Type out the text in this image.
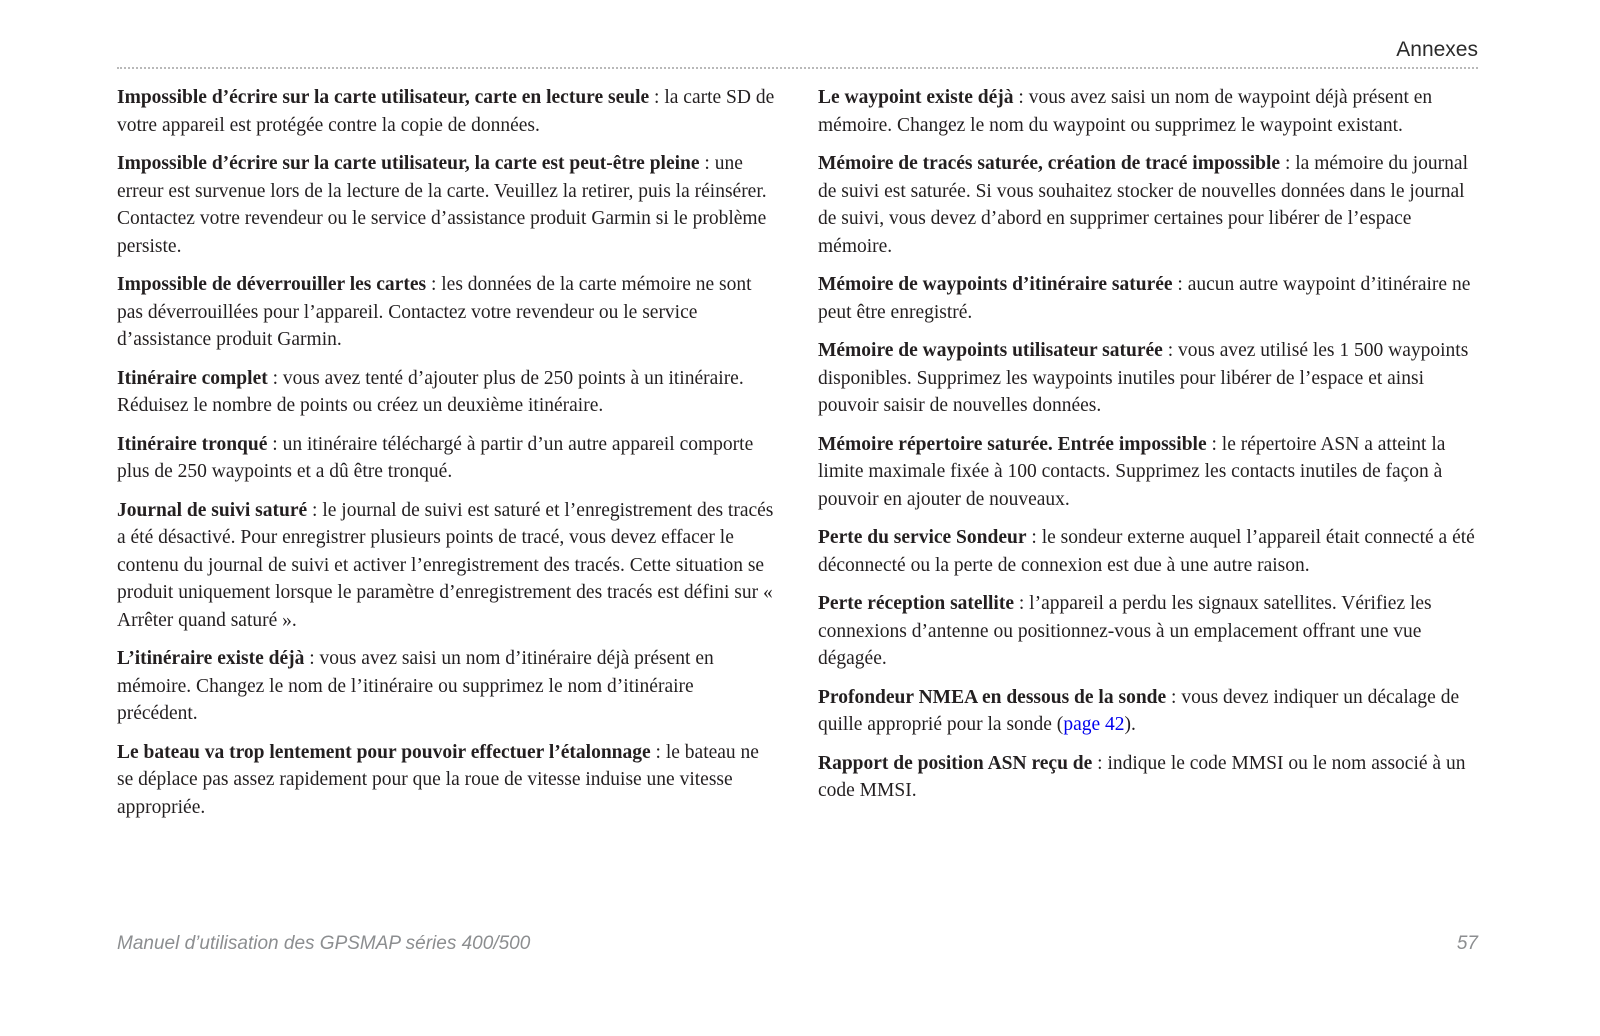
Annexes

Impossible d’écrire sur la carte utilisateur, carte en lecture seule : la carte SD de votre appareil est protégée contre la copie de données.

Impossible d’écrire sur la carte utilisateur, la carte est peut-être pleine : une erreur est survenue lors de la lecture de la carte. Veuillez la retirer, puis la réinsérer. Contactez votre revendeur ou le service d’assistance produit Garmin si le problème persiste.

Impossible de déverrouiller les cartes : les données de la carte mémoire ne sont pas déverrouillées pour l’appareil. Contactez votre revendeur ou le service d’assistance produit Garmin.

Itinéraire complet : vous avez tenté d’ajouter plus de 250 points à un itinéraire. Réduisez le nombre de points ou créez un deuxième itinéraire.

Itinéraire tronqué : un itinéraire téléchargé à partir d’un autre appareil comporte plus de 250 waypoints et a dû être tronqué.

Journal de suivi saturé : le journal de suivi est saturé et l’enregistrement des tracés a été désactivé. Pour enregistrer plusieurs points de tracé, vous devez effacer le contenu du journal de suivi et activer l’enregistrement des tracés. Cette situation se produit uniquement lorsque le paramètre d’enregistrement des tracés est défini sur « Arrêter quand saturé ».

L’itinéraire existe déjà : vous avez saisi un nom d’itinéraire déjà présent en mémoire. Changez le nom de l’itinéraire ou supprimez le nom d’itinéraire précédent.

Le bateau va trop lentement pour pouvoir effectuer l’étalonnage : le bateau ne se déplace pas assez rapidement pour que la roue de vitesse induise une vitesse appropriée.

Le waypoint existe déjà : vous avez saisi un nom de waypoint déjà présent en mémoire. Changez le nom du waypoint ou supprimez le waypoint existant.

Mémoire de tracés saturée, création de tracé impossible : la mémoire du journal de suivi est saturée. Si vous souhaitez stocker de nouvelles données dans le journal de suivi, vous devez d’abord en supprimer certaines pour libérer de l’espace mémoire.

Mémoire de waypoints d’itinéraire saturée : aucun autre waypoint d’itinéraire ne peut être enregistré.

Mémoire de waypoints utilisateur saturée : vous avez utilisé les 1 500 waypoints disponibles. Supprimez les waypoints inutiles pour libérer de l’espace et ainsi pouvoir saisir de nouvelles données.

Mémoire répertoire saturée. Entrée impossible : le répertoire ASN a atteint la limite maximale fixée à 100 contacts. Supprimez les contacts inutiles de façon à pouvoir en ajouter de nouveaux.

Perte du service Sondeur : le sondeur externe auquel l’appareil était connecté a été déconnecté ou la perte de connexion est due à une autre raison.

Perte réception satellite : l’appareil a perdu les signaux satellites. Vérifiez les connexions d’antenne ou positionnez-vous à un emplacement offrant une vue dégagée.

Profondeur NMEA en dessous de la sonde : vous devez indiquer un décalage de quille approprié pour la sonde (page 42).

Rapport de position ASN reçu de : indique le code MMSI ou le nom associé à un code MMSI.

Manuel d’utilisation des GPSMAP séries 400/500	57
